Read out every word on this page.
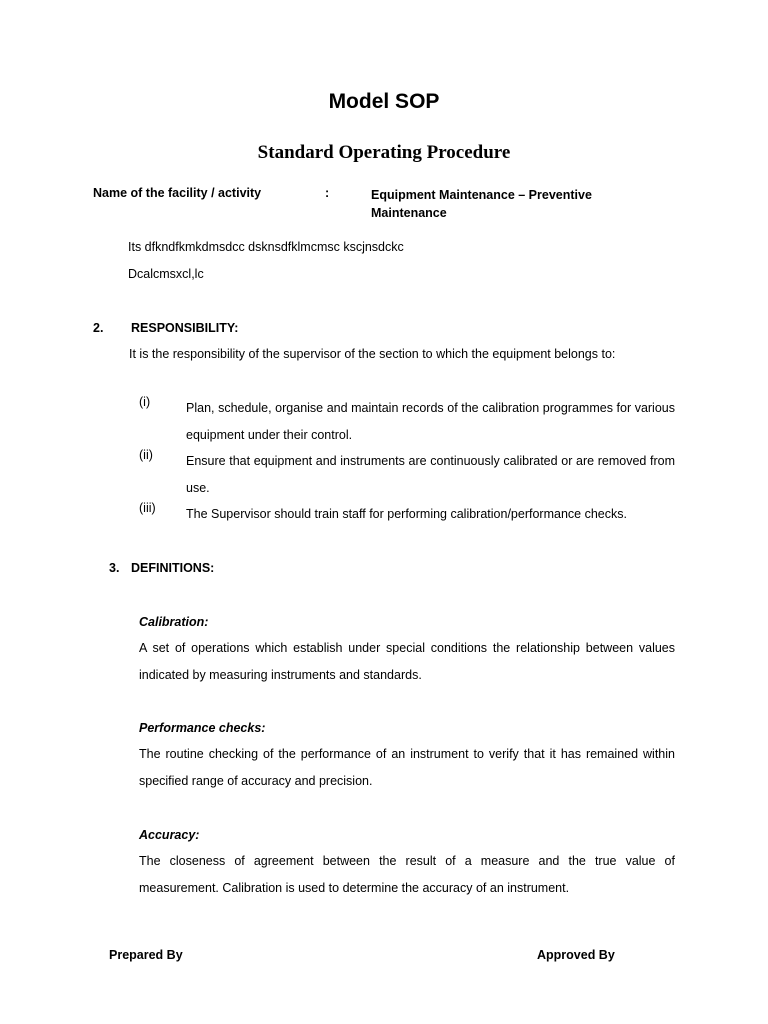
Model SOP
Standard Operating Procedure
Name of the facility / activity	:	Equipment Maintenance – Preventive Maintenance
Its dfkndfkmkdmsdcc dsknsdfklmcmsc kscjnsdckc
Dcalcmsxcl,lc
2. RESPONSIBILITY:
It is the responsibility of the supervisor of the section to which the equipment belongs to:
(i)	Plan, schedule, organise and maintain records of the calibration programmes for various equipment under their control.
(ii)	Ensure that equipment and instruments are continuously calibrated or are removed from use.
(iii) The Supervisor should train staff for performing calibration/performance checks.
3. DEFINITIONS:
Calibration:
A set of operations which establish under special conditions the relationship between values indicated by measuring instruments and standards.
Performance checks:
The routine checking of the performance of an instrument to verify that it has remained within specified range of accuracy and precision.
Accuracy:
The closeness of agreement between the result of a measure and the true value of measurement. Calibration is used to determine the accuracy of an instrument.
Prepared By	Approved By
